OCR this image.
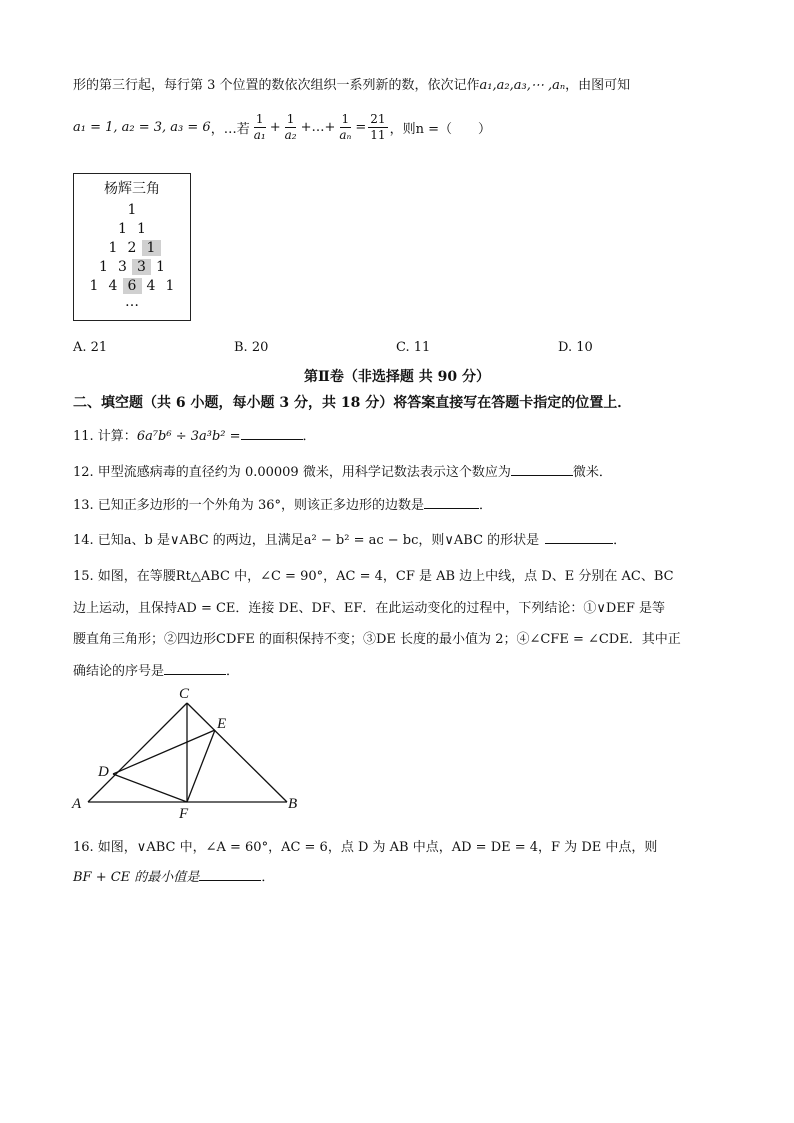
形的第三行起，每行第 3 个位置的数依次组织一系列新的数，依次记作a₁,a₂,a₃,⋯ ,aₙ，由图可知
a₁ = 1, a₂ = 3, a₃ = 6 ，…若 $\frac{1}{\text{a₁}} + \frac{1}{\text{a₂}}$ +…+ $\frac{1}{\text{aₙ}} = \frac{21}{11}$ ，则n =（　　）
杨辉三角
1
1 1
1 2 1
1 3 3 1
1 4 6 4 1
…
A. 21	B. 20	C. 11	D. 10
第Ⅱ卷（非选择题 共 90 分）
二、填空题（共 6 小题，每小题 3 分，共 18 分）将答案直接写在答题卡指定的位置上．
11. 计算：6a⁷b⁶ ÷ 3a³b² =	．
12. 甲型流感病毒的直径约为 0.00009 微米，用科学记数法表示这个数应为	微米．
13. 已知正多边形的一个外角为 36°，则该正多边形的边数是	．
14. 已知a、b 是∨ABC 的两边，且满足a² − b² = ac − bc，则∨ABC 的形状是	．
15. 如图，在等腰Rt△ABC 中，∠C = 90°，AC = 4，CF 是 AB 边上中线，点 D、E 分别在 AC、BC
边上运动，且保持AD = CE．连接 DE、DF、EF．在此运动变化的过程中，下列结论：①∨DEF 是等
腰直角三角形；②四边形CDFE 的面积保持不变；③DE 长度的最小值为 2；④∠CFE = ∠CDE．其中正
确结论的序号是	．
C
E
D
A
F
B
16. 如图，∨ABC 中，∠A = 60°，AC = 6，点 D 为 AB 中点，AD = DE = 4，F 为 DE 中点，则
BF + CE 的最小值是	．
